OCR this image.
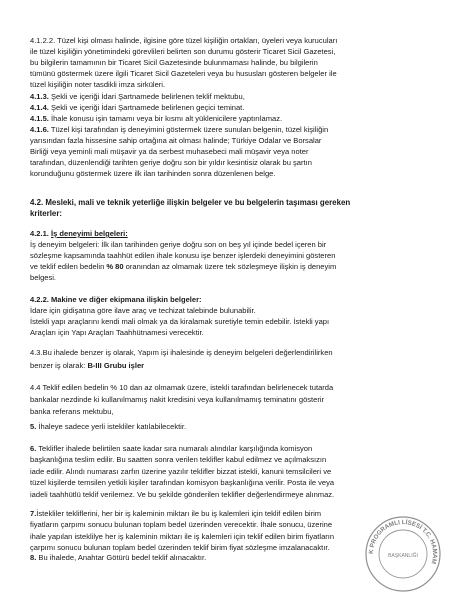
4.1.2.2. Tüzel kişi olması halinde, ilgisine göre tüzel kişiliğin ortakları, üyeleri veya kurucuları
ile tüzel kişiliğin yönetimindeki görevlileri belirten son durumu gösterir Ticaret Sicil Gazetesi,
bu bilgilerin tamamının bir Ticaret Sicil Gazetesinde bulunmaması halinde, bu bilgilerin
tümünü göstermek üzere ilgili Ticaret Sicil Gazeteleri veya bu hususları gösteren belgeler ile
tüzel kişiliğin noter tasdikli imza sirküleri.

4.1.3. Şekli ve içeriği İdari Şartnamede belirlenen teklif mektubu,
4.1.4. Şekli ve içeriği İdari Şartnamede belirlenen geçici teminat.
4.1.5. İhale konusu işin tamamı veya bir kısmı alt yüklenicilere yaptırılamaz.

4.1.6. Tüzel kişi tarafından iş deneyimini göstermek üzere sunulan belgenin, tüzel kişiliğin
yarısından fazla hissesine sahip ortağına ait olması halinde; Türkiye Odalar ve Borsalar
Birliği veya yeminli mali müşavir ya da serbest muhasebeci mali müşavir veya noter
tarafından, düzenlendiği tarihten geriye doğru son bir yıldır kesintisiz olarak bu şartın
korunduğunu göstermek üzere ilk ilan tarihinden sonra düzenlenen belge.

4.2. Mesleki, mali ve teknik yeterliğe ilişkin belgeler ve bu belgelerin taşıması gereken
kriterler:

4.2.1. İş deneyimi belgeleri:
İş deneyim belgeleri: İlk ilan tarihinden geriye doğru son on beş yıl içinde bedel içeren bir
sözleşme kapsamında taahhüt edilen ihale konusu işe benzer işlerdeki deneyimini gösteren
ve teklif edilen bedelin % 80 oranından az olmamak üzere tek sözleşmeye ilişkin iş deneyim
belgesi.

4.2.2. Makine ve diğer ekipmana ilişkin belgeler:
İdare için gidişatına göre ilave araç ve techizat talebinde bulunabilir.
İstekli yapı araçlarını kendi mali olmak ya da kiralamak suretiyle temin edebilir. İstekli yapı
Araçları için Yapı Araçları Taahhütnamesi verecektir.

4.3.Bu ihalede benzer iş olarak, Yapım işi ihalesinde iş deneyim belgeleri değerlendirilirken
benzer iş olarak: B-III Grubu işler

4.4 Teklif edilen bedelin % 10 dan az olmamak üzere, istekli tarafından belirlenecek tutarda
bankalar nezdinde ki kullanılmamış nakit kredisini veya kullanılmamış teminatını gösterir
banka referans mektubu,

5. İhaleye sadece yerli istekliler katılabilecektir.

6. Teklifler ihalede belirtilen saate kadar sıra numaralı alındılar karşılığında komisyon
başkanlığına teslim edilir. Bu saatten sonra verilen teklifler kabul edilmez ve açılmaksızın
iade edilir. Alındı numarası zarfın üzerine yazılır teklifler bizzat istekli, kanuni temsilcileri ve
tüzel kişilerde temsilen yetkili kişiler tarafından komisyon başkanlığına verilir. Posta ile veya
iadeli taahhütlü teklif verilemez. Ve bu şekilde gönderilen teklifler değerlendirmeye alınmaz.

7.İstekliler tekliflerini, her bir iş kaleminin miktarı ile bu iş kalemleri için teklif edilen birim
fiyatların çarpımı sonucu bulunan toplam bedel üzerinden verecektir. İhale sonucu, üzerine
ihale yapılan isteklilye her iş kaleminin miktarı ile iş kalemleri için teklif edilen birim fiyatların
çarpımı sonucu bulunan toplam bedel üzerinden teklif birim fiyat sözleşme imzalanacaktır.

8. Bu ihalede, Anahtar Götürü bedel teklif alınacaktır.

K PROGRAMLI LİSESİ T.C. HAMAM
BAŞKANLIĞI
